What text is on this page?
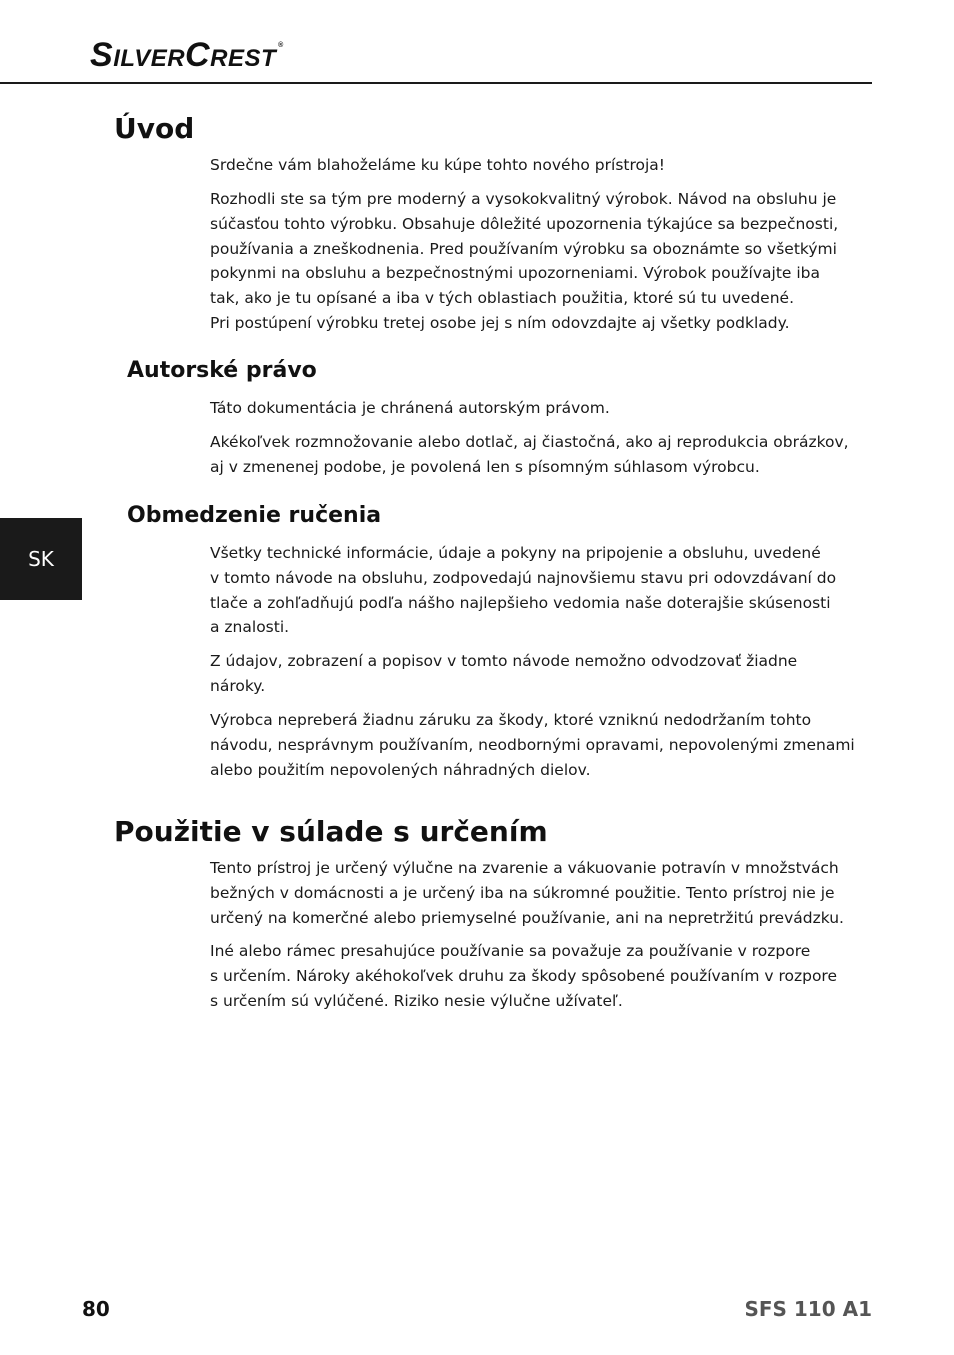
SILVERCREST ®
SK
Úvod
Srdečne vám blahoželáme ku kúpe tohto nového prístroja!
Rozhodli ste sa tým pre moderný a vysokokvalitný výrobok. Návod na obsluhu je
súčasťou tohto výrobku. Obsahuje dôležité upozornenia týkajúce sa bezpečnosti,
používania a zneškodnenia. Pred používaním výrobku sa oboznámte so všetkými
pokynmi na obsluhu a bezpečnostnými upozorneniami. Výrobok používajte iba
tak, ako je tu opísané a iba v tých oblastiach použitia, ktoré sú tu uvedené.
Pri postúpení výrobku tretej osobe jej s ním odovzdajte aj všetky podklady.
Autorské právo
Táto dokumentácia je chránená autorským právom.
Akékoľvek rozmnožovanie alebo dotlač, aj čiastočná, ako aj reprodukcia obrázkov,
aj v zmenenej podobe, je povolená len s písomným súhlasom výrobcu.
Obmedzenie ručenia
Všetky technické informácie, údaje a pokyny na pripojenie a obsluhu, uvedené
v tomto návode na obsluhu, zodpovedajú najnovšiemu stavu pri odovzdávaní do
tlače a zohľadňujú podľa nášho najlepšieho vedomia naše doterajšie skúsenosti
a znalosti.
Z údajov, zobrazení a popisov v tomto návode nemožno odvodzovať žiadne
nároky.
Výrobca nepreberá žiadnu záruku za škody, ktoré vzniknú nedodržaním tohto
návodu, nesprávnym používaním, neodbornými opravami, nepovolenými zmenami
alebo použitím nepovolených náhradných dielov.
Použitie v súlade s určením
Tento prístroj je určený výlučne na zvarenie a vákuovanie potravín v množstvách
bežných v domácnosti a je určený iba na súkromné použitie. Tento prístroj nie je
určený na komerčné alebo priemyselné používanie, ani na nepretržitú prevádzku.
Iné alebo rámec presahujúce používanie sa považuje za používanie v rozpore
s určením. Nároky akéhokoľvek druhu za škody spôsobené používaním v rozpore
s určením sú vylúčené. Riziko nesie výlučne užívateľ.
80	SFS 110 A1
